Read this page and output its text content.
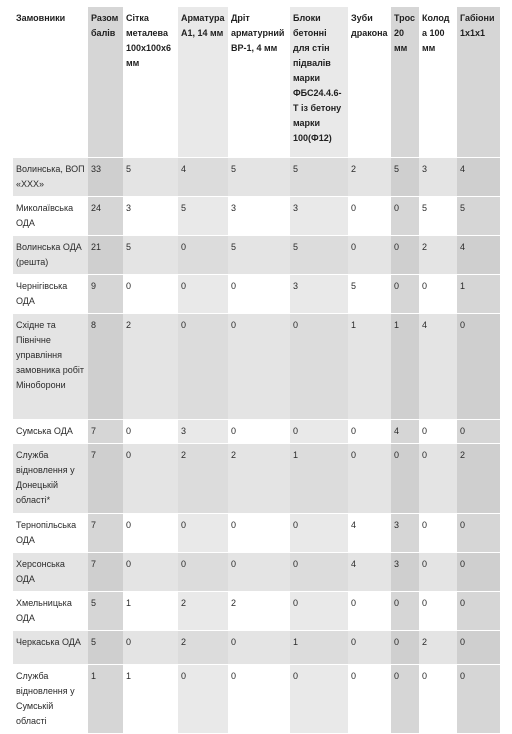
Замовники	Разом балів	Сітка металева 100х100х6 мм	Арматура А1, 14 мм	Дріт арматурний ВР-1, 4 мм	Блоки бетонні для стін підвалів марки ФБС24.4.6-Т із бетону марки 100(Ф12)	Зуби дракона	Трос 20 мм	Колода 100 мм	Габіони 1х1х1
Волинська, ВОП «ХХХ»	33	5	4	5	5	2	5	3	4
Миколаївська ОДА	24	3	5	3	3	0	0	5	5
Волинська ОДА (решта)	21	5	0	5	5	0	0	2	4
Чернігівська ОДА	9	0	0	0	3	5	0	0	1
Східне та Північне управління замовника робіт Міноборони	8	2	0	0	0	1	1	4	0
Сумська ОДА	7	0	3	0	0	0	4	0	0
Служба відновлення у Донецькій області*	7	0	2	2	1	0	0	0	2
Тернопільська ОДА	7	0	0	0	0	4	3	0	0
Херсонська ОДА	7	0	0	0	0	4	3	0	0
Хмельницька ОДА	5	1	2	2	0	0	0	0	0
Черкаська ОДА	5	0	2	0	1	0	0	2	0
Служба відновлення у Сумській області	1	1	0	0	0	0	0	0	0
